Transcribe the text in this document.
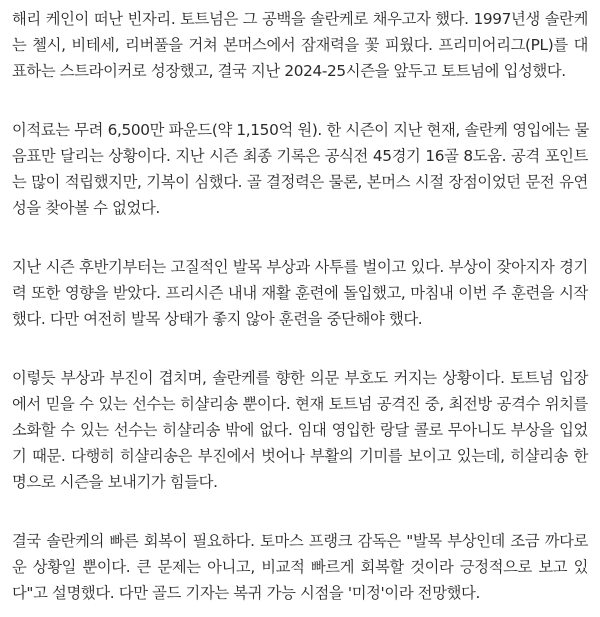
해리 케인이 떠난 빈자리. 토트넘은 그 공백을 솔란케로 채우고자 했다. 1997년생 솔란케
는 첼시, 비테세, 리버풀을 거쳐 본머스에서 잠재력을 꽃 피웠다. 프리미어리그(PL)를 대
표하는 스트라이커로 성장했고, 결국 지난 2024-25시즌을 앞두고 토트넘에 입성했다.

이적료는 무려 6,500만 파운드(약 1,150억 원). 한 시즌이 지난 현재, 솔란케 영입에는 물
음표만 달리는 상황이다. 지난 시즌 최종 기록은 공식전 45경기 16골 8도움. 공격 포인트
는 많이 적립했지만, 기복이 심했다. 골 결정력은 물론, 본머스 시절 장점이었던 문전 유연
성을 찾아볼 수 없었다.

지난 시즌 후반기부터는 고질적인 발목 부상과 사투를 벌이고 있다. 부상이 잦아지자 경기
력 또한 영향을 받았다. 프리시즌 내내 재활 훈련에 돌입했고, 마침내 이번 주 훈련을 시작
했다. 다만 여전히 발목 상태가 좋지 않아 훈련을 중단해야 했다.

이렇듯 부상과 부진이 겹치며, 솔란케를 향한 의문 부호도 커지는 상황이다. 토트넘 입장
에서 믿을 수 있는 선수는 히샬리송 뿐이다. 현재 토트넘 공격진 중, 최전방 공격수 위치를
소화할 수 있는 선수는 히샬리송 밖에 없다. 임대 영입한 랑달 콜로 무아니도 부상을 입었
기 때문. 다행히 히샬리송은 부진에서 벗어나 부활의 기미를 보이고 있는데, 히샬리송 한
명으로 시즌을 보내기가 힘들다.

결국 솔란케의 빠른 회복이 필요하다. 토마스 프랭크 감독은 "발목 부상인데 조금 까다로
운 상황일 뿐이다. 큰 문제는 아니고, 비교적 빠르게 회복할 것이라 긍정적으로 보고 있
다"고 설명했다. 다만 골드 기자는 복귀 가능 시점을 '미정'이라 전망했다.
